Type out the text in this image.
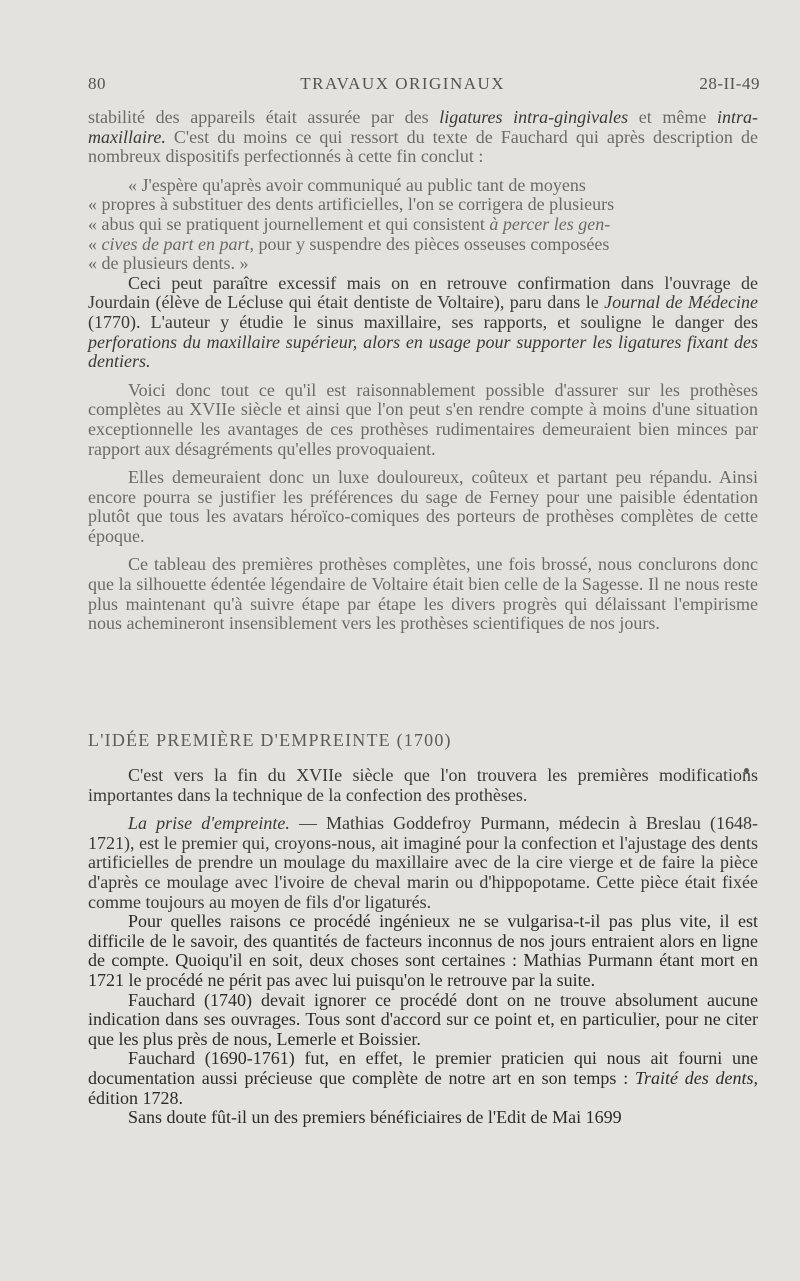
80	TRAVAUX ORIGINAUX	28-II-49

stabilité des appareils était assurée par des ligatures intra-gingivales et même intra-maxillaire. C'est du moins ce qui ressort du texte de Fauchard qui après description de nombreux dispositifs perfectionnés à cette fin conclut :

« J'espère qu'après avoir communiqué au public tant de moyens
« propres à substituer des dents artificielles, l'on se corrigera de plusieurs
« abus qui se pratiquent journellement et qui consistent à percer les gen-
« cives de part en part, pour y suspendre des pièces osseuses composées
« de plusieurs dents. »

Ceci peut paraître excessif mais on en retrouve confirmation dans l'ouvrage de Jourdain (élève de Lécluse qui était dentiste de Voltaire), paru dans le Journal de Médecine (1770). L'auteur y étudie le sinus maxillaire, ses rapports, et souligne le danger des perforations du maxillaire supérieur, alors en usage pour supporter les ligatures fixant des dentiers.

Voici donc tout ce qu'il est raisonnablement possible d'assurer sur les prothèses complètes au XVIIe siècle et ainsi que l'on peut s'en rendre compte à moins d'une situation exceptionnelle les avantages de ces prothèses rudimentaires demeuraient bien minces par rapport aux désagréments qu'elles provoquaient.

Elles demeuraient donc un luxe douloureux, coûteux et partant peu répandu. Ainsi encore pourra se justifier les préférences du sage de Ferney pour une paisible édentation plutôt que tous les avatars héroïco-comiques des porteurs de prothèses complètes de cette époque.

Ce tableau des premières prothèses complètes, une fois brossé, nous conclurons donc que la silhouette édentée légendaire de Voltaire était bien celle de la Sagesse. Il ne nous reste plus maintenant qu'à suivre étape par étape les divers progrès qui délaissant l'empirisme nous achemineront insensiblement vers les prothèses scientifiques de nos jours.

L'IDÉE PREMIÈRE D'EMPREINTE (1700)

C'est vers la fin du XVIIe siècle que l'on trouvera les premières modifications importantes dans la technique de la confection des prothèses.

La prise d'empreinte. — Mathias Goddefroy Purmann, médecin à Breslau (1648-1721), est le premier qui, croyons-nous, ait imaginé pour la confection et l'ajustage des dents artificielles de prendre un moulage du maxillaire avec de la cire vierge et de faire la pièce d'après ce moulage avec l'ivoire de cheval marin ou d'hippopotame. Cette pièce était fixée comme toujours au moyen de fils d'or ligaturés.

Pour quelles raisons ce procédé ingénieux ne se vulgarisa-t-il pas plus vite, il est difficile de le savoir, des quantités de facteurs inconnus de nos jours entraient alors en ligne de compte. Quoiqu'il en soit, deux choses sont certaines : Mathias Purmann étant mort en 1721 le procédé ne périt pas avec lui puisqu'on le retrouve par la suite.

Fauchard (1740) devait ignorer ce procédé dont on ne trouve absolument aucune indication dans ses ouvrages. Tous sont d'accord sur ce point et, en particulier, pour ne citer que les plus près de nous, Lemerle et Boissier.

Fauchard (1690-1761) fut, en effet, le premier praticien qui nous ait fourni une documentation aussi précieuse que complète de notre art en son temps : Traité des dents, édition 1728.

Sans doute fût-il un des premiers bénéficiaires de l'Edit de Mai 1699
